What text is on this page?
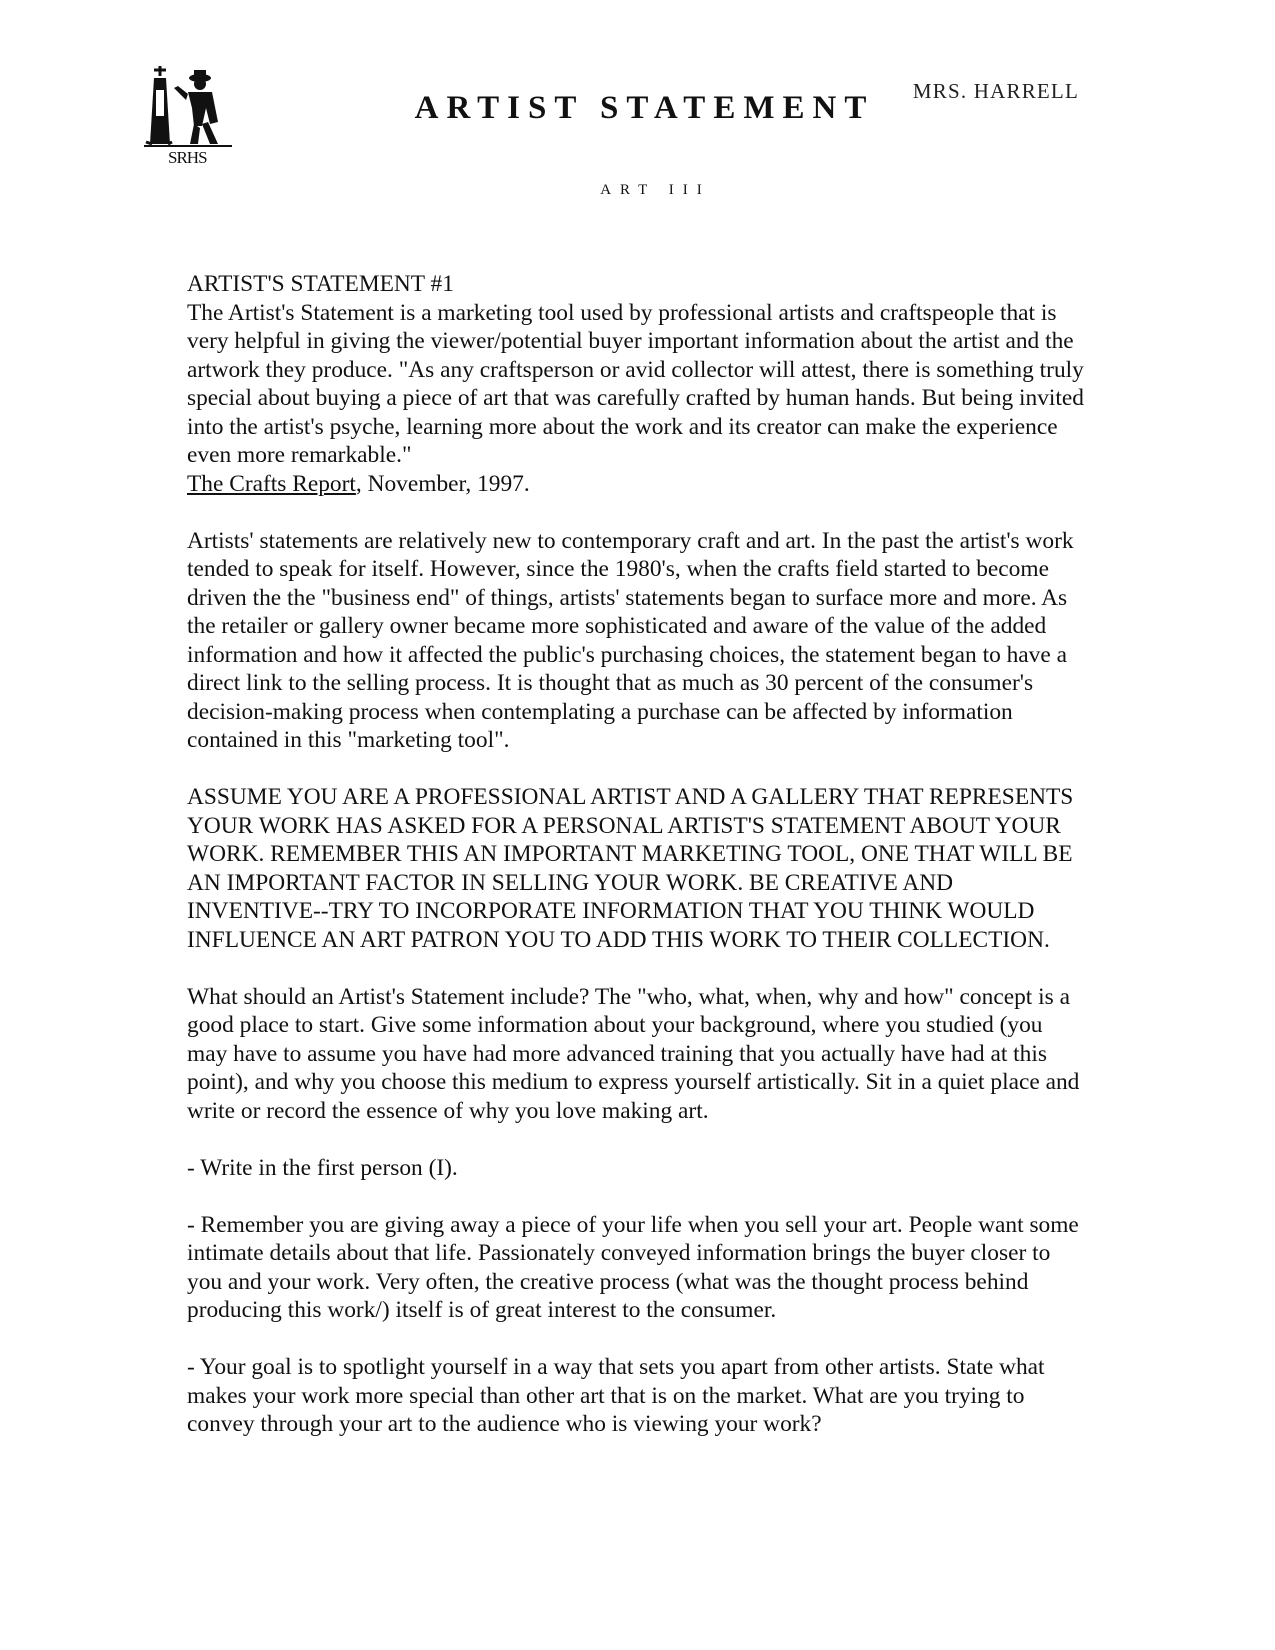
SRHS
MRS. HARRELL
ARTIST STATEMENT
ART III

ARTIST'S STATEMENT #1

The Artist's Statement is a marketing tool used by professional artists and craftspeople that is very helpful in giving the viewer/potential buyer important information about the artist and the artwork they produce. "As any craftsperson or avid collector will attest, there is something truly special about buying a piece of art that was carefully crafted by human hands. But being invited into the artist's psyche, learning more about the work and its creator can make the experience even more remarkable."

The Crafts Report, November, 1997.

Artists' statements are relatively new to contemporary craft and art. In the past the artist's work tended to speak for itself. However, since the 1980's, when the crafts field started to become driven the the "business end" of things, artists' statements began to surface more and more. As the retailer or gallery owner became more sophisticated and aware of the value of the added information and how it affected the public's purchasing choices, the statement began to have a direct link to the selling process. It is thought that as much as 30 percent of the consumer's decision-making process when contemplating a purchase can be affected by information contained in this "marketing tool".

ASSUME YOU ARE A PROFESSIONAL ARTIST AND A GALLERY THAT REPRESENTS YOUR WORK HAS ASKED FOR A PERSONAL ARTIST'S STATEMENT ABOUT YOUR WORK. REMEMBER THIS AN IMPORTANT MARKETING TOOL, ONE THAT WILL BE AN IMPORTANT FACTOR IN SELLING YOUR WORK. BE CREATIVE AND INVENTIVE--TRY TO INCORPORATE INFORMATION THAT YOU THINK WOULD INFLUENCE AN ART PATRON YOU TO ADD THIS WORK TO THEIR COLLECTION.

What should an Artist's Statement include? The "who, what, when, why and how" concept is a good place to start. Give some information about your background, where you studied (you may have to assume you have had more advanced training that you actually have had at this point), and why you choose this medium to express yourself artistically. Sit in a quiet place and write or record the essence of why you love making art.

- Write in the first person (I).

- Remember you are giving away a piece of your life when you sell your art. People want some intimate details about that life. Passionately conveyed information brings the buyer closer to you and your work. Very often, the creative process (what was the thought process behind producing this work/) itself is of great interest to the consumer.

- Your goal is to spotlight yourself in a way that sets you apart from other artists. State what makes your work more special than other art that is on the market. What are you trying to convey through your art to the audience who is viewing your work?
